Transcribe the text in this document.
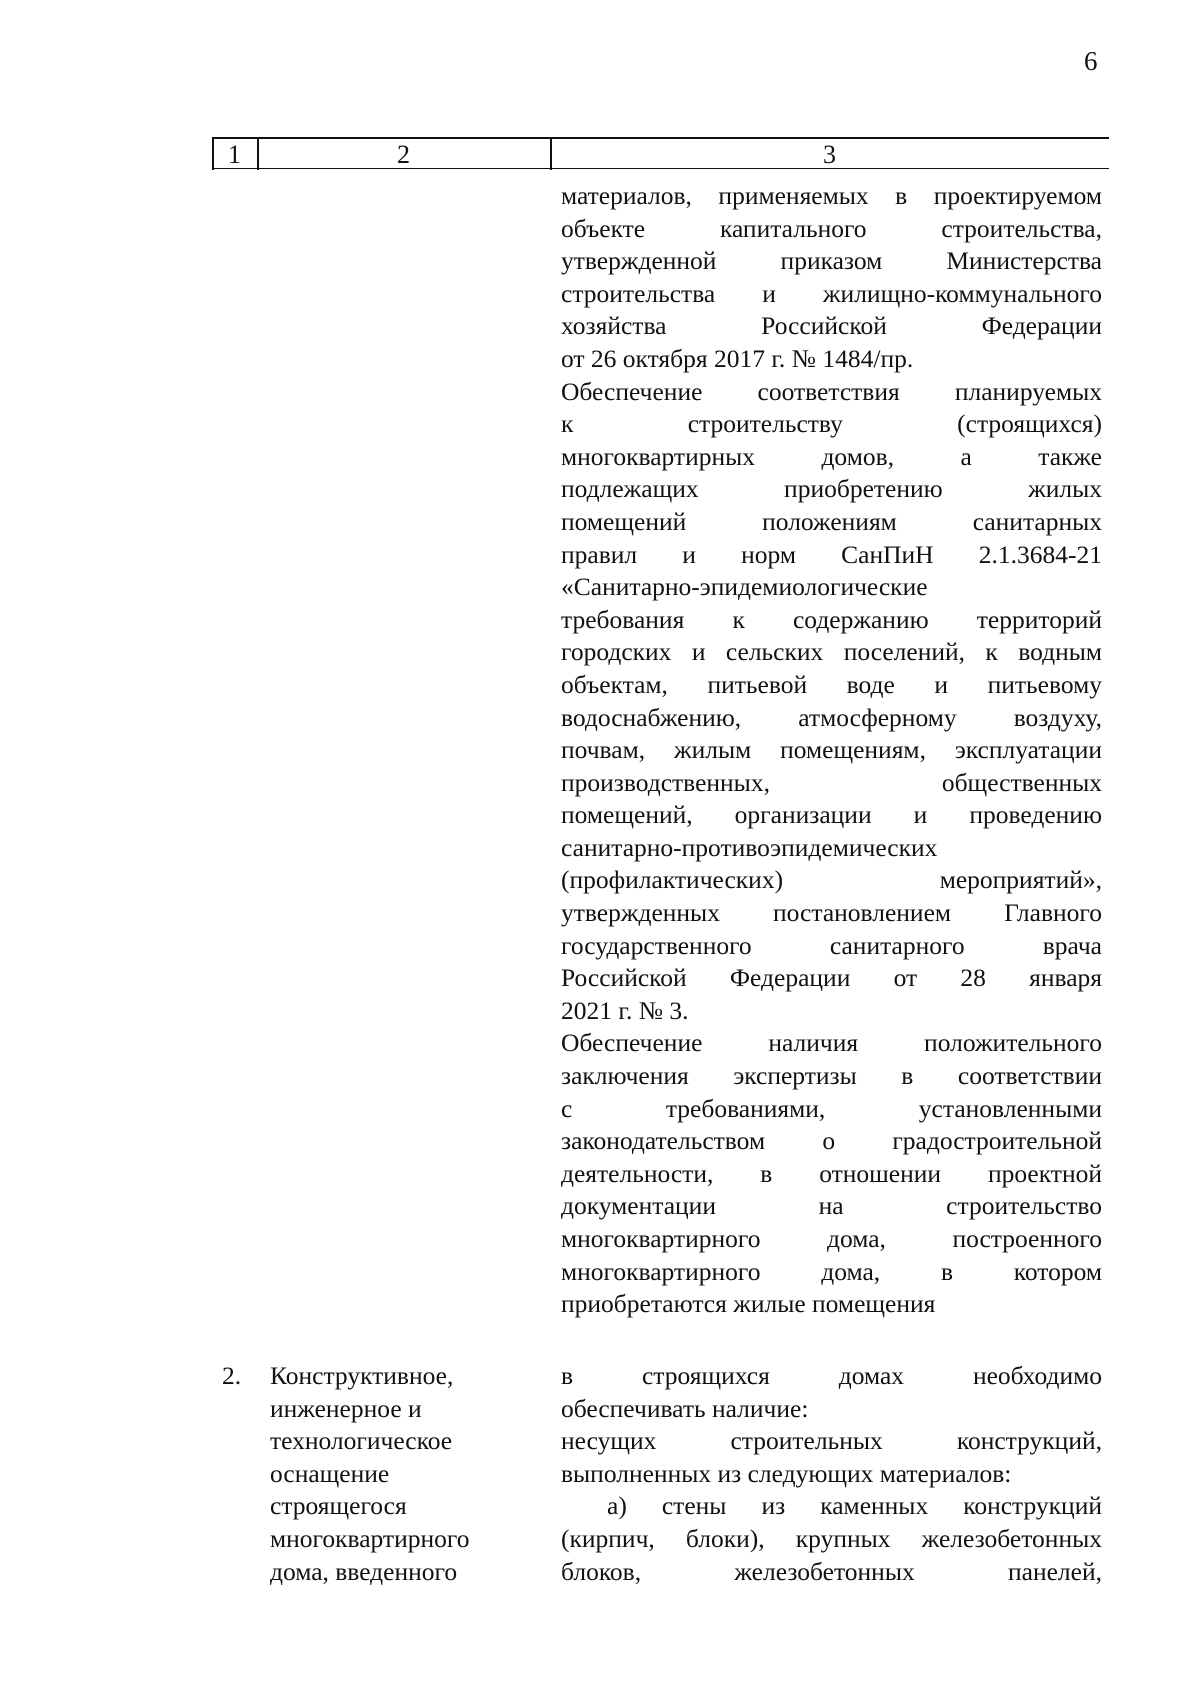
6
1	2	3

материалов, применяемых в проектируемом

объекте капитального строительства,

утвержденной приказом Министерства

строительства и жилищно-коммунального

хозяйства Российской Федерации

от 26 октября 2017 г. № 1484/пр.

Обеспечение соответствия планируемых

к строительству (строящихся)

многоквартирных домов, а также

подлежащих приобретению жилых

помещений положениям санитарных

правил и норм СанПиН 2.1.3684-21

«Санитарно-эпидемиологические

требования к содержанию территорий

городских и сельских поселений, к водным

объектам, питьевой воде и питьевому

водоснабжению, атмосферному воздуху,

почвам, жилым помещениям, эксплуатации

производственных, общественных

помещений, организации и проведению

санитарно-противоэпидемических

(профилактических) мероприятий»,

утвержденных постановлением Главного

государственного санитарного врача

Российской Федерации от 28 января

2021 г. № 3.

Обеспечение наличия положительного

заключения экспертизы в соответствии

с требованиями, установленными

законодательством о градостроительной

деятельности, в отношении проектной

документации на строительство

многоквартирного дома, построенного

многоквартирного дома, в котором

приобретаются жилые помещения

2. Конструктивное,
инженерное и
технологическое
оснащение
строящегося
многоквартирного
дома, введенного

в строящихся домах необходимо

обеспечивать наличие:

несущих строительных конструкций,

выполненных из следующих материалов:

а) стены из каменных конструкций

(кирпич, блоки), крупных железобетонных

блоков, железобетонных панелей,
